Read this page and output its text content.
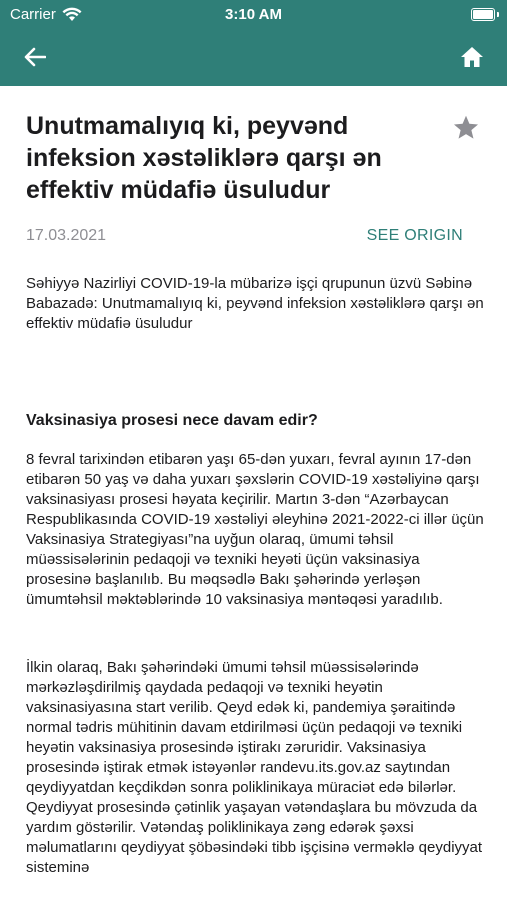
Carrier	3:10 AM
Unutmamalıyıq ki, peyvənd infeksion xəstəliklərə qarşı ən effektiv müdafiə üsuludur
17.03.2021	SEE ORIGIN

Səhiyyə Nazirliyi COVID-19-la mübarizə işçi qrupunun üzvü Səbinə Babazadə: Unutmamalıyıq ki, peyvənd infeksion xəstəliklərə qarşı ən effektiv müdafiə üsuludur

Vaksinasiya prosesi nece davam edir?

8 fevral tarixindən etibarən yaşı 65-dən yuxarı, fevral ayının 17-dən etibarən 50 yaş və daha yuxarı şəxslərin COVID-19 xəstəliyinə qarşı vaksinasiyası prosesi həyata keçirilir. Martın 3-dən “Azərbaycan Respublikasında COVID-19 xəstəliyi əleyhinə 2021-2022-ci illər üçün Vaksinasiya Strategiyası”na uyğun olaraq, ümumi təhsil müəssisələrinin pedaqoji və texniki heyəti üçün vaksinasiya prosesinə başlanılıb. Bu məqsədlə Bakı şəhərində yerləşən ümumtəhsil məktəblərində 10 vaksinasiya məntəqəsi yaradılıb.

İlkin olaraq, Bakı şəhərindəki ümumi təhsil müəssisələrində mərkəzləşdirilmiş qaydada pedaqoji və texniki heyətin vaksinasiyasına start verilib. Qeyd edək ki, pandemiya şəraitində normal tədris mühitinin davam etdirilməsi üçün pedaqoji və texniki heyətin vaksinasiya prosesində iştirakı zəruridir. Vaksinasiya prosesində iştirak etmək istəyənlər randevu.its.gov.az saytından qeydiyyatdan keçdikdən sonra poliklinikaya müraciət edə bilərlər. Qeydiyyat prosesində çətinlik yaşayan vətəndaşlara bu mövzuda da yardım göstərilir. Vətəndaş poliklinikaya zəng edərək şəxsi məlumatlarını qeydiyyat şöbəsindəki tibb işçisinə verməklə qeydiyyat sisteminə
